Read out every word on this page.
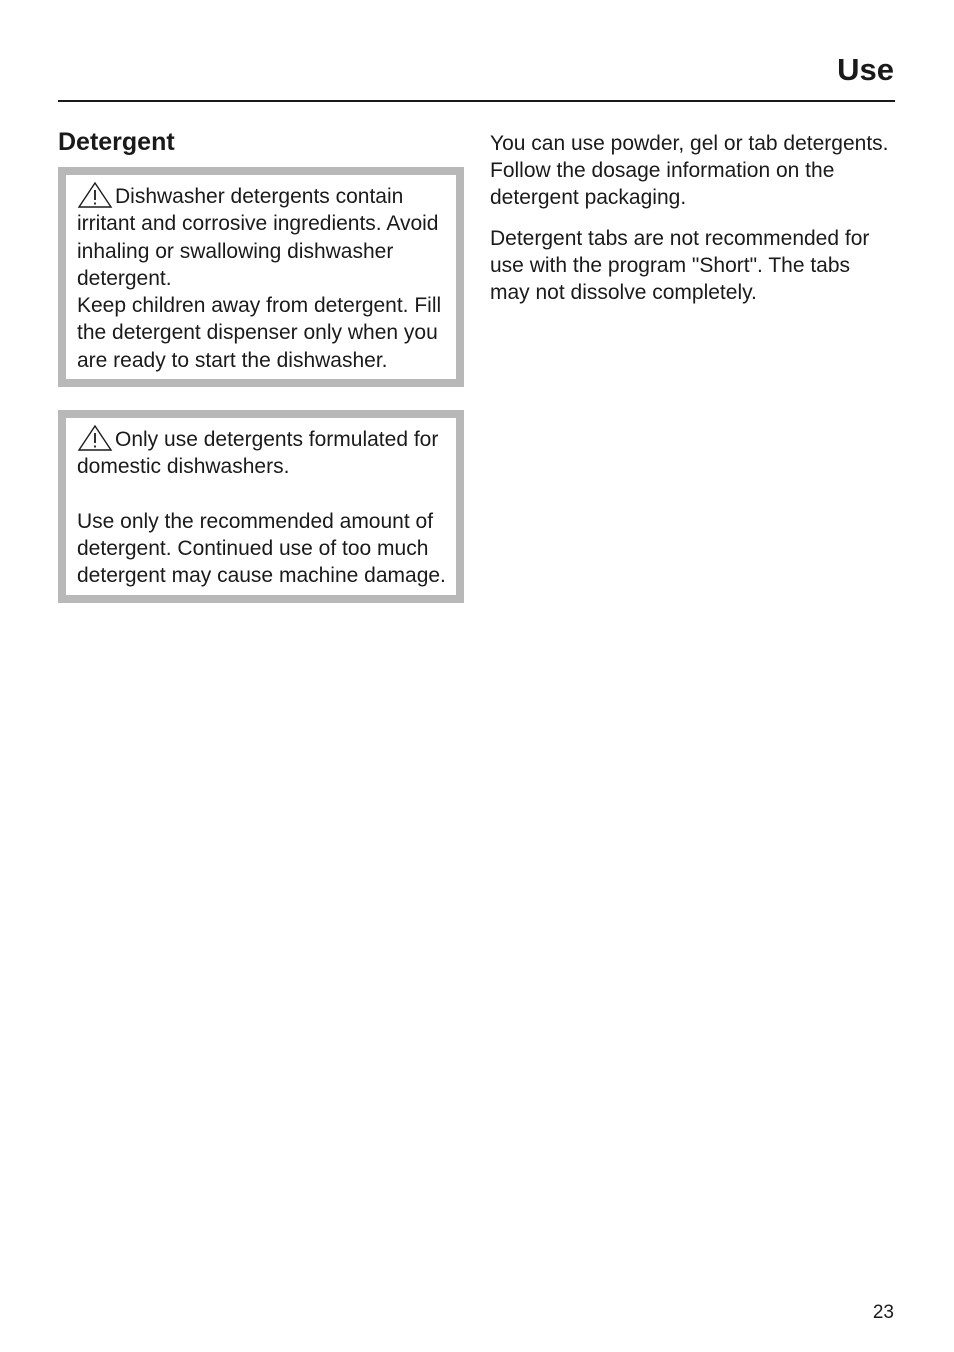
Use
Detergent

Dishwasher detergents contain irritant and corrosive ingredients. Avoid inhaling or swallowing dishwasher detergent.

Keep children away from detergent. Fill the detergent dispenser only when you are ready to start the dishwasher.

Only use detergents formulated for domestic dishwashers.

Use only the recommended amount of detergent. Continued use of too much detergent may cause machine damage.

You can use powder, gel or tab detergents. Follow the dosage information on the detergent packaging.

Detergent tabs are not recommended for use with the program "Short". The tabs may not dissolve completely.

23
